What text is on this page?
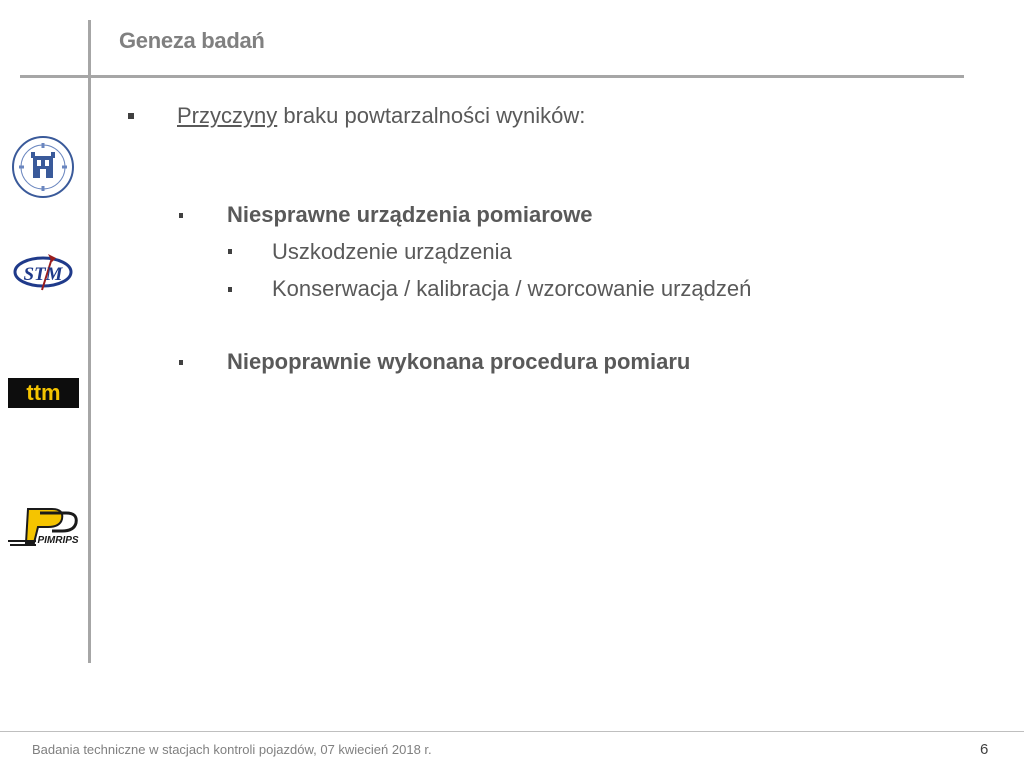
Geneza badań
Przyczyny braku powtarzalności wyników:
Niesprawne urządzenia pomiarowe
Uszkodzenie urządzenia
Konserwacja / kalibracja / wzorcowanie urządzeń
Niepoprawnie wykonana procedura pomiaru
STM
ttm
PIMRIPS
Badania techniczne w stacjach kontroli pojazdów, 07 kwiecień 2018 r.	6
